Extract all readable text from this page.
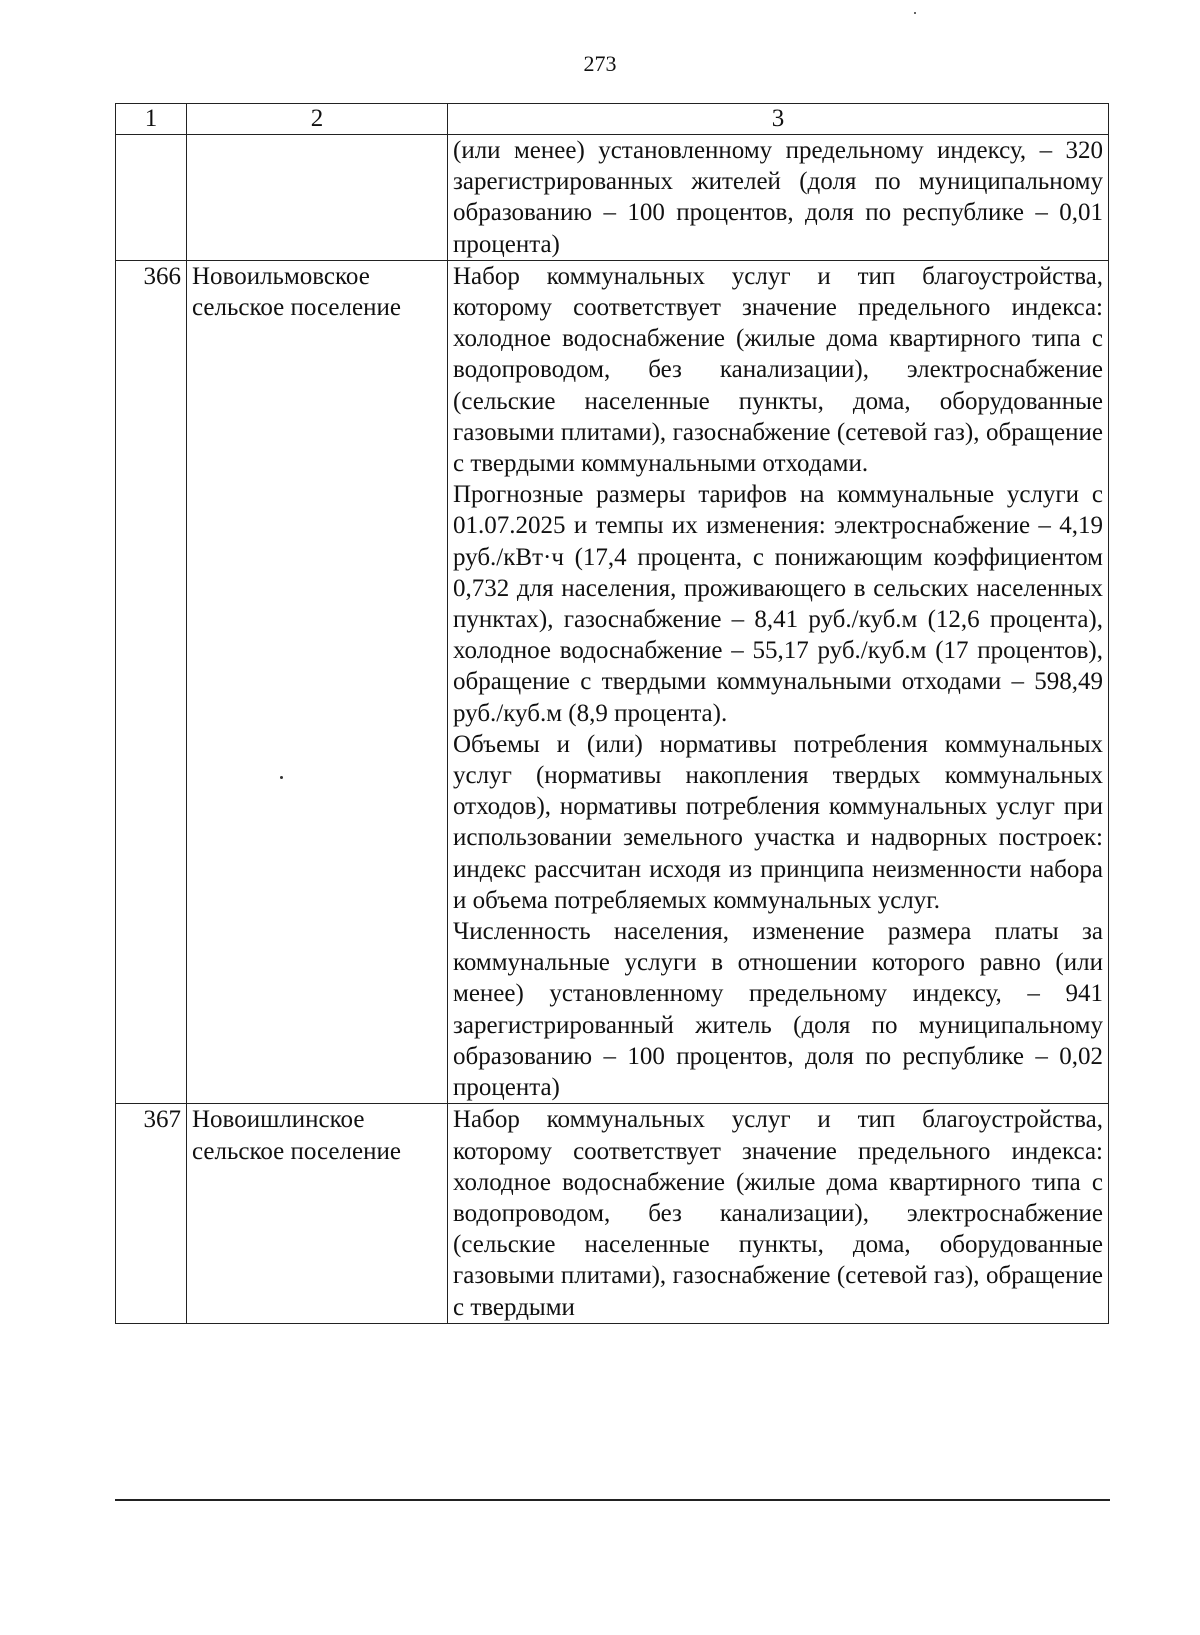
273
1	2	3

		(или менее) установленному предельному индексу, – 320 зарегистрированных жителей (доля по муниципальному образованию – 100 процентов, доля по республике – 0,01 процента)

366	Новоильмовское сельское поселение	Набор коммунальных услуг и тип благоустройства, которому соответствует значение предельного индекса: холодное водоснабжение (жилые дома квартирного типа с водопроводом, без канализации), электроснабжение (сельские населенные пункты, дома, оборудованные газовыми плитами), газоснабжение (сетевой газ), обращение с твердыми коммунальными отходами.
Прогнозные размеры тарифов на коммунальные услуги с 01.07.2025 и темпы их изменения: электроснабжение – 4,19 руб./кВт·ч (17,4 процента, с понижающим коэффициентом 0,732 для населения, проживающего в сельских населенных пунктах), газоснабжение – 8,41 руб./куб.м (12,6 процента), холодное водоснабжение – 55,17 руб./куб.м (17 процентов), обращение с твердыми коммунальными отходами – 598,49 руб./куб.м (8,9 процента).
Объемы и (или) нормативы потребления коммунальных услуг (нормативы накопления твердых коммунальных отходов), нормативы потребления коммунальных услуг при использовании земельного участка и надворных построек: индекс рассчитан исходя из принципа неизменности набора и объема потребляемых коммунальных услуг.
Численность населения, изменение размера платы за коммунальные услуги в отношении которого равно (или менее) установленному предельному индексу, – 941 зарегистрированный житель (доля по муниципальному образованию – 100 процентов, доля по республике – 0,02 процента)

367	Новоишлинское сельское поселение	Набор коммунальных услуг и тип благоустройства, которому соответствует значение предельного индекса: холодное водоснабжение (жилые дома квартирного типа с водопроводом, без канализации), электроснабжение (сельские населенные пункты, дома, оборудованные газовыми плитами), газоснабжение (сетевой газ), обращение с твердыми
